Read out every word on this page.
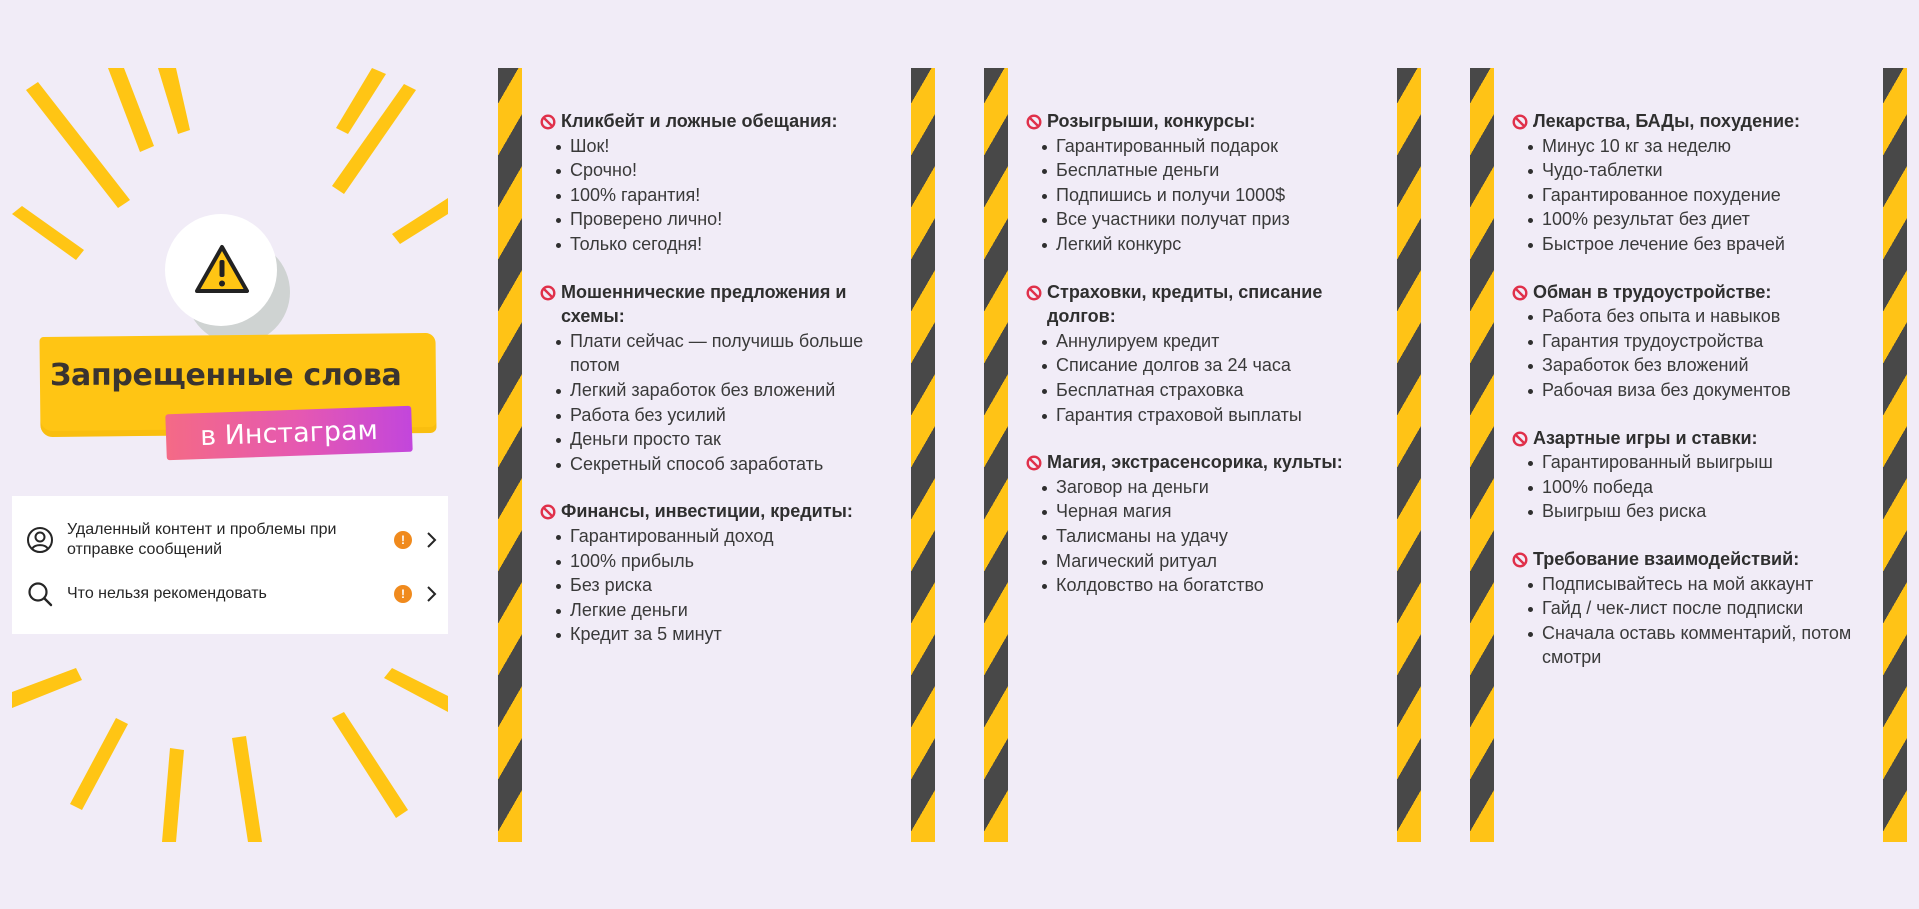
Запрещенные слова
в Инстаграм
Удаленный контент и проблемы при отправке сообщений
!
Что нельзя рекомендовать	!
Кликбейт и ложные обещания:
Шок!
Срочно!
100% гарантия!
Проверено лично!
Только сегодня!
Мошеннические предложения и схемы:
Плати сейчас — получишь больше потом
Легкий заработок без вложений
Работа без усилий
Деньги просто так
Секретный способ заработать
Финансы, инвестиции, кредиты:
Гарантированный доход
100% прибыль
Без риска
Легкие деньги
Кредит за 5 минут
Розыгрыши, конкурсы:
Гарантированный подарок
Бесплатные деньги
Подпишись и получи 1000$
Все участники получат приз
Легкий конкурс
Страховки, кредиты, списание долгов:
Аннулируем кредит
Списание долгов за 24 часа
Бесплатная страховка
Гарантия страховой выплаты
Магия, экстрасенсорика, культы:
Заговор на деньги
Черная магия
Талисманы на удачу
Магический ритуал
Колдовство на богатство
Лекарства, БАДы, похудение:
Минус 10 кг за неделю
Чудо-таблетки
Гарантированное похудение
100% результат без диет
Быстрое лечение без врачей
Обман в трудоустройстве:
Работа без опыта и навыков
Гарантия трудоустройства
Заработок без вложений
Рабочая виза без документов
Азартные игры и ставки:
Гарантированный выигрыш
100% победа
Выигрыш без риска
Требование взаимодействий:
Подписывайтесь на мой аккаунт
Гайд / чек-лист после подписки
Сначала оставь комментарий, потом смотри
